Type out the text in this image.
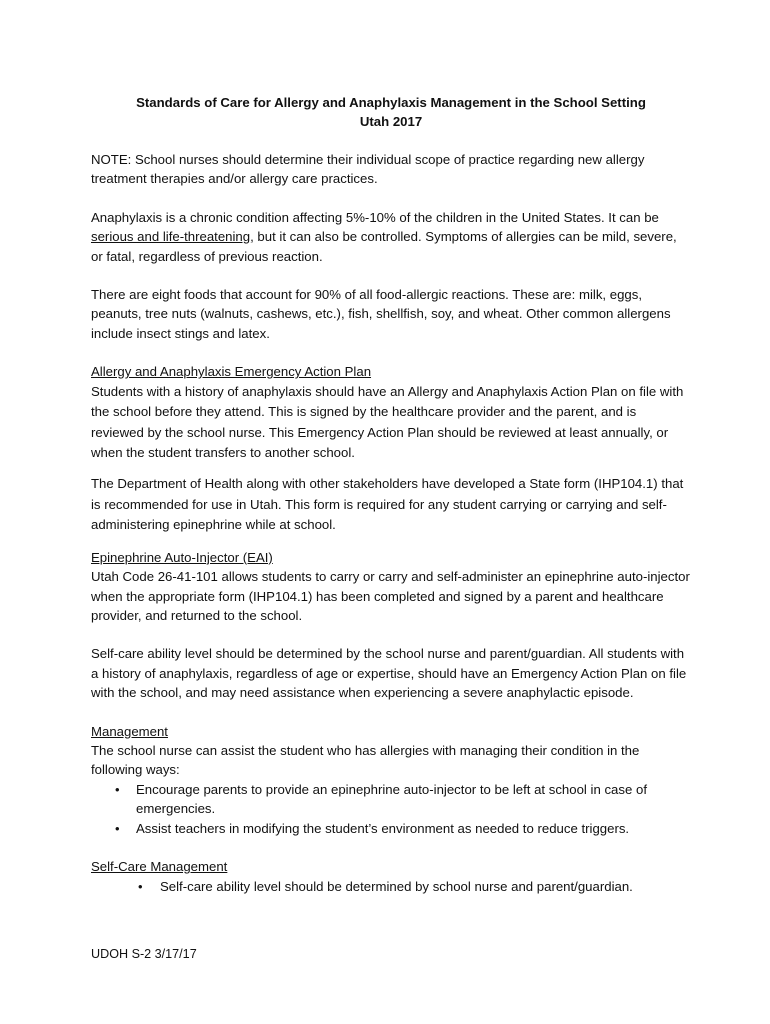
Standards of Care for Allergy and Anaphylaxis Management in the School Setting
Utah 2017

NOTE: School nurses should determine their individual scope of practice regarding new allergy treatment therapies and/or allergy care practices.

Anaphylaxis is a chronic condition affecting 5%-10% of the children in the United States. It can be serious and life-threatening, but it can also be controlled. Symptoms of allergies can be mild, severe, or fatal, regardless of previous reaction.

There are eight foods that account for 90% of all food-allergic reactions. These are: milk, eggs, peanuts, tree nuts (walnuts, cashews, etc.), fish, shellfish, soy, and wheat. Other common allergens include insect stings and latex.

Allergy and Anaphylaxis Emergency Action Plan

Students with a history of anaphylaxis should have an Allergy and Anaphylaxis Action Plan on file with the school before they attend. This is signed by the healthcare provider and the parent, and is reviewed by the school nurse. This Emergency Action Plan should be reviewed at least annually, or when the student transfers to another school.

The Department of Health along with other stakeholders have developed a State form (IHP104.1) that is recommended for use in Utah. This form is required for any student carrying or carrying and self-administering epinephrine while at school.

Epinephrine Auto-Injector (EAI)

Utah Code 26-41-101 allows students to carry or carry and self-administer an epinephrine auto-injector when the appropriate form (IHP104.1) has been completed and signed by a parent and healthcare provider, and returned to the school.

Self-care ability level should be determined by the school nurse and parent/guardian. All students with a history of anaphylaxis, regardless of age or expertise, should have an Emergency Action Plan on file with the school, and may need assistance when experiencing a severe anaphylactic episode.

Management

The school nurse can assist the student who has allergies with managing their condition in the following ways:

• Encourage parents to provide an epinephrine auto-injector to be left at school in case of emergencies.
• Assist teachers in modifying the student’s environment as needed to reduce triggers.

Self-Care Management

• Self-care ability level should be determined by school nurse and parent/guardian.
UDOH S-2 3/17/17
